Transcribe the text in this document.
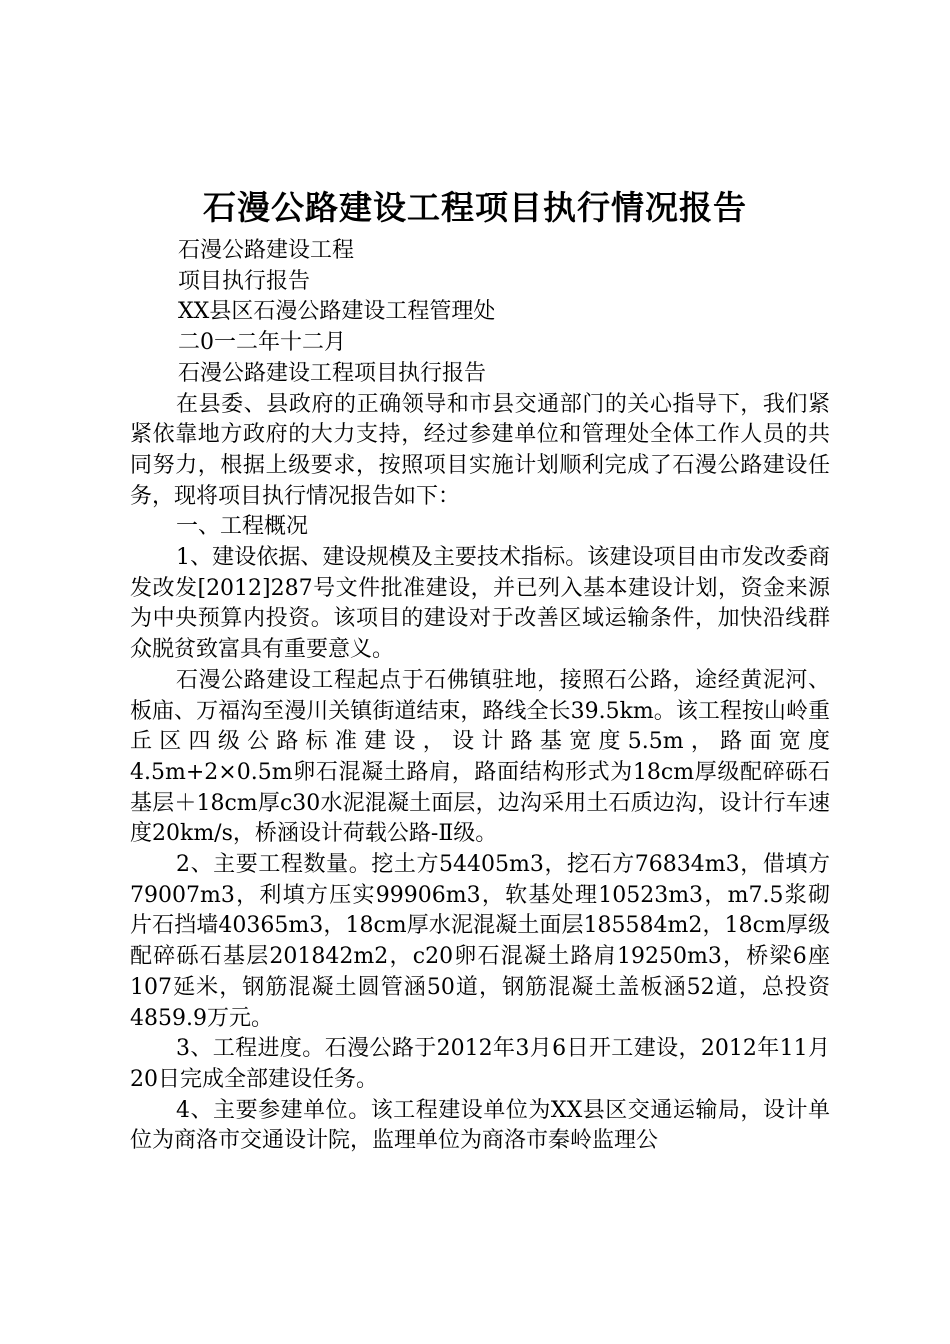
石漫公路建设工程项目执行情况报告

石漫公路建设工程

项目执行报告

XX县区石漫公路建设工程管理处

二0一二年十二月

石漫公路建设工程项目执行报告

在县委、县政府的正确领导和市县交通部门的关心指导下，我们紧紧依靠地方政府的大力支持，经过参建单位和管理处全体工作人员的共同努力，根据上级要求，按照项目实施计划顺利完成了石漫公路建设任务，现将项目执行情况报告如下：

一、工程概况

1、建设依据、建设规模及主要技术指标。该建设项目由市发改委商发改发[2012]287号文件批准建设，并已列入基本建设计划，资金来源为中央预算内投资。该项目的建设对于改善区域运输条件，加快沿线群众脱贫致富具有重要意义。

石漫公路建设工程起点于石佛镇驻地，接照石公路，途经黄泥河、板庙、万福沟至漫川关镇街道结束，路线全长39.5km。该工程按山岭重丘区四级公路标准建设，设计路基宽度5.5m，路面宽度4.5m+2×0.5m卵石混凝土路肩，路面结构形式为18cm厚级配碎砾石基层＋18cm厚c30水泥混凝土面层，边沟采用土石质边沟，设计行车速度20km/s，桥涵设计荷载公路-Ⅱ级。

2、主要工程数量。挖土方54405m3，挖石方76834m3，借填方79007m3，利填方压实99906m3，软基处理10523m3，m7.5浆砌片石挡墙40365m3，18cm厚水泥混凝土面层185584m2，18cm厚级配碎砾石基层201842m2，c20卵石混凝土路肩19250m3，桥梁6座107延米，钢筋混凝土圆管涵50道，钢筋混凝土盖板涵52道，总投资4859.9万元。

3、工程进度。石漫公路于2012年3月6日开工建设，2012年11月20日完成全部建设任务。

4、主要参建单位。该工程建设单位为XX县区交通运输局，设计单位为商洛市交通设计院，监理单位为商洛市秦岭监理公
